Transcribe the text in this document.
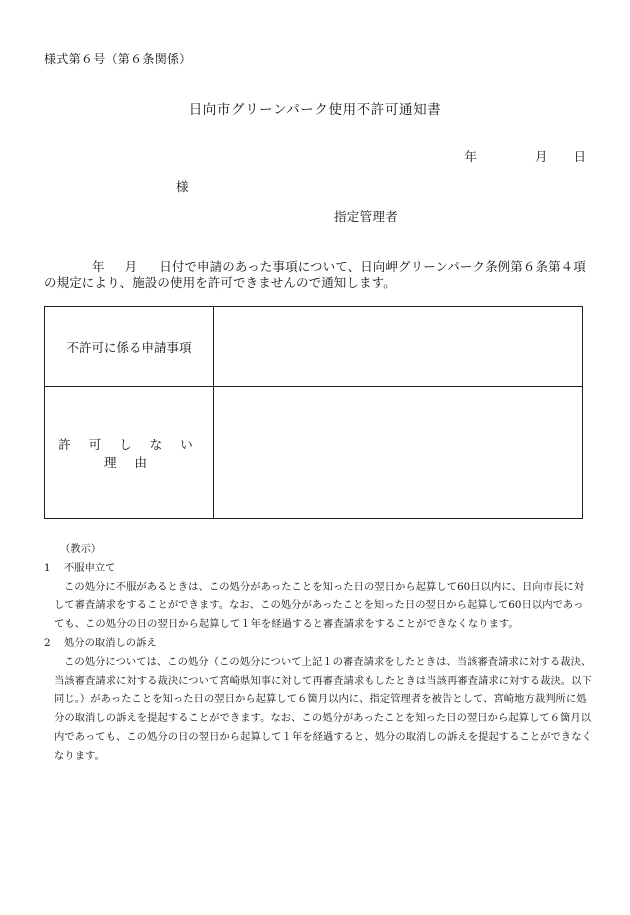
様式第６号（第６条関係）
日向市グリーンパーク使用不許可通知書
年	月 日
様
指定管理者
年 月 日付で申請のあった事項について、日向岬グリーンパーク条例第６条第４項の規定により、施設の使用を許可できませんので通知します。
不許可に係る申請事項	
許 可 し な い 理 由	
（教示）
1 不服申立て
この処分に不服があるときは、この処分があったことを知った日の翌日から起算して60日以内に、日向市長に対して審査請求をすることができます。なお、この処分があったことを知った日の翌日から起算して60日以内であっても、この処分の日の翌日から起算して１年を経過すると審査請求をすることができなくなります。
2 処分の取消しの訴え
この処分については、この処分（この処分について上記１の審査請求をしたときは、当該審査請求に対する裁決、当該審査請求に対する裁決について宮崎県知事に対して再審査請求もしたときは当該再審査請求に対する裁決。以下同じ。）があったことを知った日の翌日から起算して６箇月以内に、指定管理者を被告として、宮崎地方裁判所に処分の取消しの訴えを提起することができます。なお、この処分があったことを知った日の翌日から起算して６箇月以内であっても、この処分の日の翌日から起算して１年を経過すると、処分の取消しの訴えを提起することができなくなります。
